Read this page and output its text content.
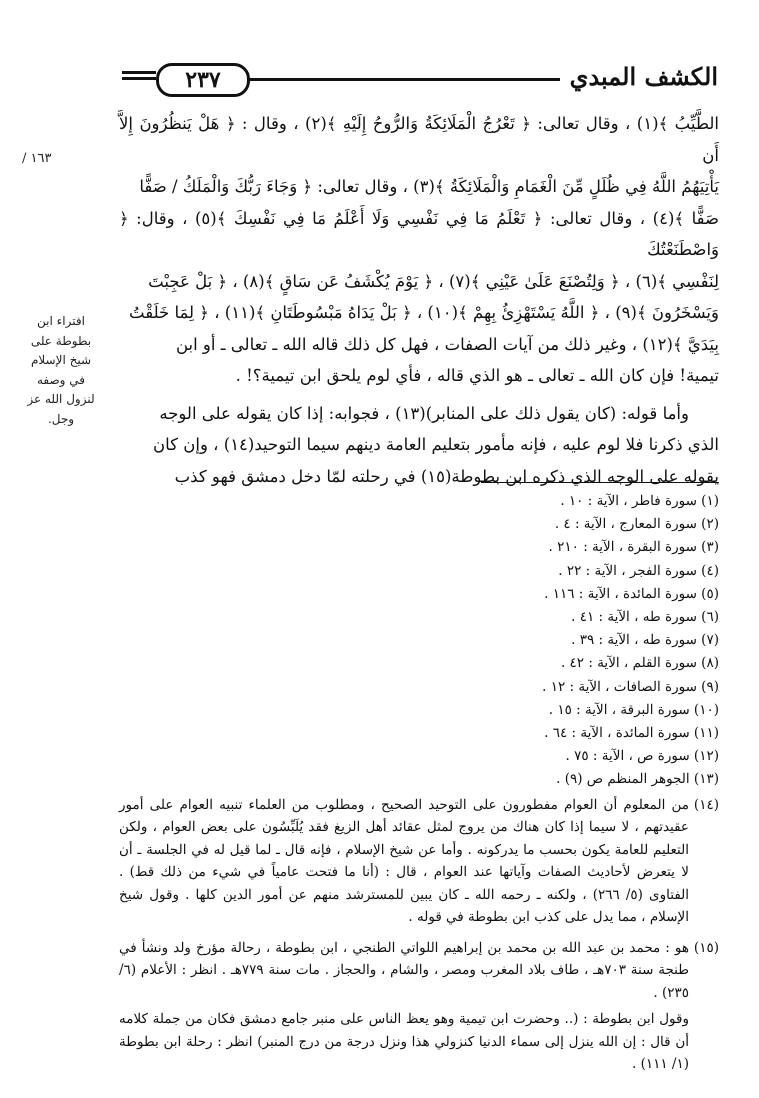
الكشف المبدي
٢٣٧

الطَّيِّبُ ﴾(١) ، وقال تعالى: ﴿ تَعْرُجُ الْمَلَائِكَةُ وَالرُّوحُ إِلَيْهِ ﴾(٢) ، وقال : ﴿ هَلْ يَنظُرُونَ إِلاَّ أَن

يَأْتِيَهُمُ اللَّهُ فِي ظُلَلٍ مِّنَ الْغَمَامِ وَالْمَلَائِكَةُ ﴾(٣) ، وقال تعالى: ﴿ وَجَاءَ رَبُّكَ وَالْمَلَكُ / صَفًّا

صَفًّا ﴾(٤) ، وقال تعالى: ﴿ تَعْلَمُ مَا فِي نَفْسِي وَلَا أَعْلَمُ مَا فِي نَفْسِكَ ﴾(٥) ، وقال: ﴿ وَاصْطَنَعْتُكَ

لِنَفْسِي ﴾(٦) ، ﴿ وَلِتُصْنَعَ عَلَىٰ عَيْنِي ﴾(٧) ، ﴿ يَوْمَ يُكْشَفُ عَن سَاقٍ ﴾(٨) ، ﴿ بَلْ عَجِبْتَ

وَيَسْخَرُونَ ﴾(٩) ، ﴿ اللَّهُ يَسْتَهْزِئُ بِهِمْ ﴾(١٠) ، ﴿ بَلْ يَدَاهُ مَبْسُوطَتَانِ ﴾(١١) ، ﴿ لِمَا خَلَقْتُ

بِيَدَيَّ ﴾(١٢) ، وغير ذلك من آيات الصفات ، فهل كل ذلك قاله الله ـ تعالى ـ أو ابن

تيمية! فإن كان الله ـ تعالى ـ هو الذي قاله ، فأي لوم يلحق ابن تيمية؟! .

وأما قوله: (كان يقول ذلك على المنابر)(١٣) ، فجوابه: إذا كان يقوله على الوجه

الذي ذكرنا فلا لوم عليه ، فإنه مأمور بتعليم العامة دينهم سيما التوحيد(١٤) ، وإن كان

يقوله على الوجه الذي ذكره ابن بطوطة(١٥) في رحلته لمّا دخل دمشق فهو كذب

١٦٣ /
افتراء ابن
بطوطة على
شيخ الإسلام
في وصفه
لنزول الله عز
وجل.

(١) سورة فاطر ، الآية : ١٠ .

(٢) سورة المعارج ، الآية : ٤ .

(٣) سورة البقرة ، الآية : ٢١٠ .

(٤) سورة الفجر ، الآية : ٢٢ .

(٥) سورة المائدة ، الآية : ١١٦ .

(٦) سورة طه ، الآية : ٤١ .

(٧) سورة طه ، الآية : ٣٩ .

(٨) سورة القلم ، الآية : ٤٢ .

(٩) سورة الصافات ، الآية : ١٢ .

(١٠) سورة البرقة ، الآية : ١٥ .

(١١) سورة المائدة ، الآية : ٦٤ .

(١٢) سورة ص ، الآية : ٧٥ .

(١٣) الجوهر المنظم ص (٩) .

(١٤)
من المعلوم أن العوام مفطورون على التوحيد الصحيح ، ومطلوب من العلماء تنبيه العوام على أمور عقيدتهم ، لا سيما إذا كان هناك من يروج لمثل عقائد أهل الزيغ فقد يُلَبِّسُون على بعض العوام ، ولكن التعليم للعامة يكون بحسب ما يدركونه . وأما عن شيخ الإسلام ، فإنه قال ـ لما قيل له في الجلسة ـ أن لا يتعرض لأحاديث الصفات وآياتها عند العوام ، قال : (أنا ما فتحت عامياً في شيء من ذلك قط) . الفتاوى (٥/ ٢٦٦) ، ولكنه ـ رحمه الله ـ كان يبين للمسترشد منهم عن أمور الدين كلها . وقول شيخ الإسلام ، مما يدل على كذب ابن بطوطة في قوله .
(١٥)
هو : محمد بن عبد الله بن محمد بن إبراهيم اللواتي الطنجي ، ابن بطوطة ، رحالة مؤرخ ولد ونشأ في طنجة سنة ٧٠٣هـ ، طاف بلاد المغرب ومصر ، والشام ، والحجاز . مات سنة ٧٧٩هـ . انظر : الأعلام (٦/ ٢٣٥) .
وقول ابن بطوطة : (.. وحضرت ابن تيمية وهو يعظ الناس على منبر جامع دمشق فكان من جملة كلامه أن قال : إن الله ينزل إلى سماء الدنيا كنزولي هذا ونزل درجة من درج المنبر) انظر : رحلة ابن بطوطة (١/ ١١١) .
